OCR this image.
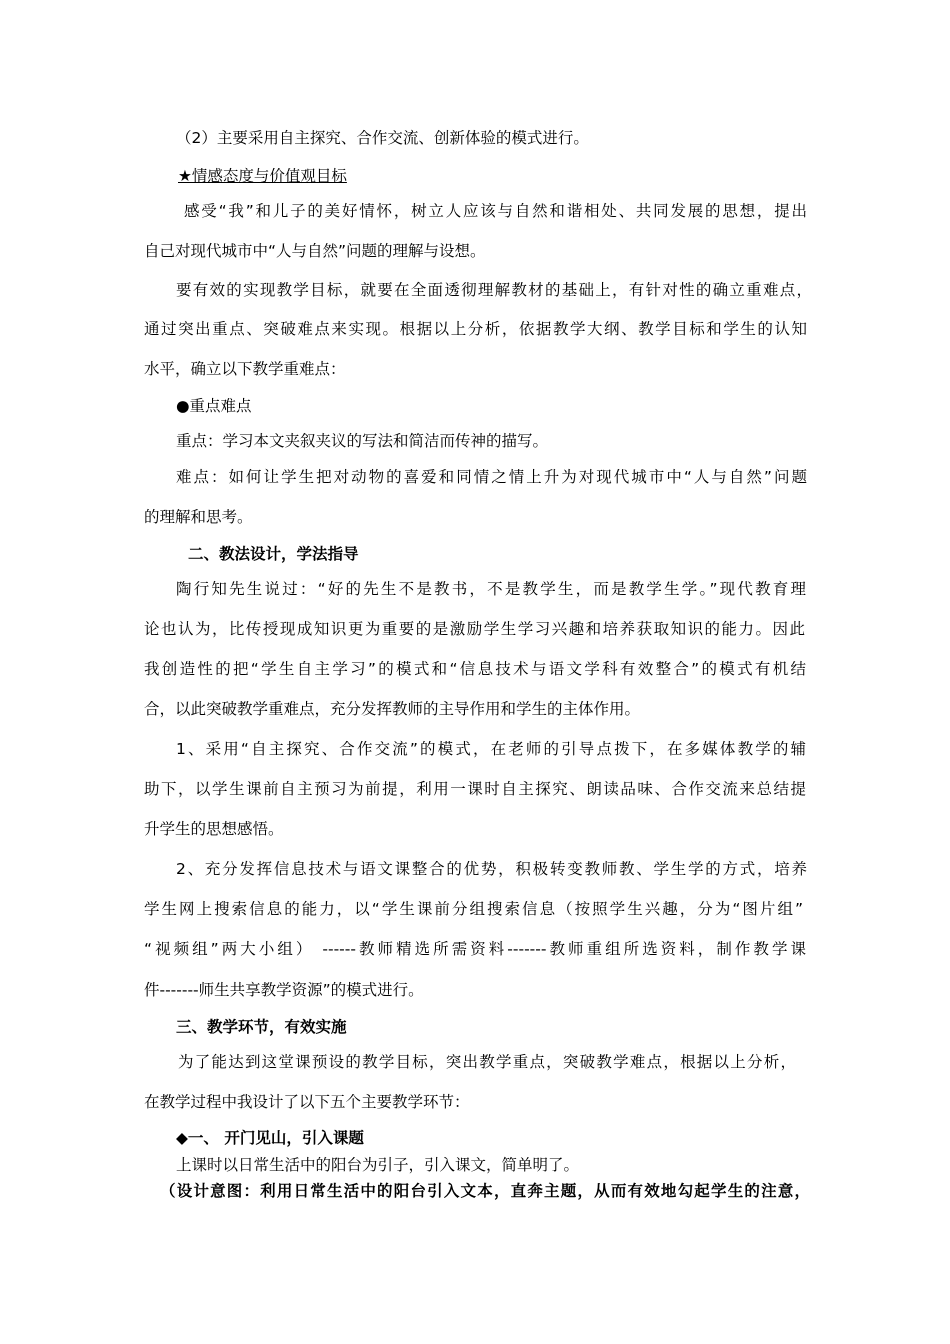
（2）主要采用自主探究、合作交流、创新体验的模式进行。
★情感态度与价值观目标
感受“我”和儿子的美好情怀，树立人应该与自然和谐相处、共同发展的思想，提出
自己对现代城市中“人与自然”问题的理解与设想。
要有效的实现教学目标，就要在全面透彻理解教材的基础上，有针对性的确立重难点，
通过突出重点、突破难点来实现。根据以上分析，依据教学大纲、教学目标和学生的认知
水平，确立以下教学重难点：
●重点难点
重点：学习本文夹叙夹议的写法和简洁而传神的描写。
难点：如何让学生把对动物的喜爱和同情之情上升为对现代城市中“人与自然”问题
的理解和思考。
二、教法设计，学法指导
陶行知先生说过：“好的先生不是教书，不是教学生，而是教学生学。”现代教育理
论也认为，比传授现成知识更为重要的是激励学生学习兴趣和培养获取知识的能力。因此
我创造性的把“学生自主学习”的模式和“信息技术与语文学科有效整合”的模式有机结
合，以此突破教学重难点，充分发挥教师的主导作用和学生的主体作用。
1、采用“自主探究、合作交流”的模式，在老师的引导点拨下，在多媒体教学的辅
助下，以学生课前自主预习为前提，利用一课时自主探究、朗读品味、合作交流来总结提
升学生的思想感悟。
2、充分发挥信息技术与语文课整合的优势，积极转变教师教、学生学的方式，培养
学生网上搜索信息的能力，以“学生课前分组搜索信息（按照学生兴趣，分为“图片组”
“视频组”两大小组） ------教师精选所需资料-------教师重组所选资料，制作教学课
件-------师生共享教学资源”的模式进行。
三、教学环节，有效实施
为了能达到这堂课预设的教学目标，突出教学重点，突破教学难点，根据以上分析，
在教学过程中我设计了以下五个主要教学环节：
◆一、 开门见山，引入课题
上课时以日常生活中的阳台为引子，引入课文，简单明了。
（设计意图：利用日常生活中的阳台引入文本，直奔主题，从而有效地勾起学生的注意，
